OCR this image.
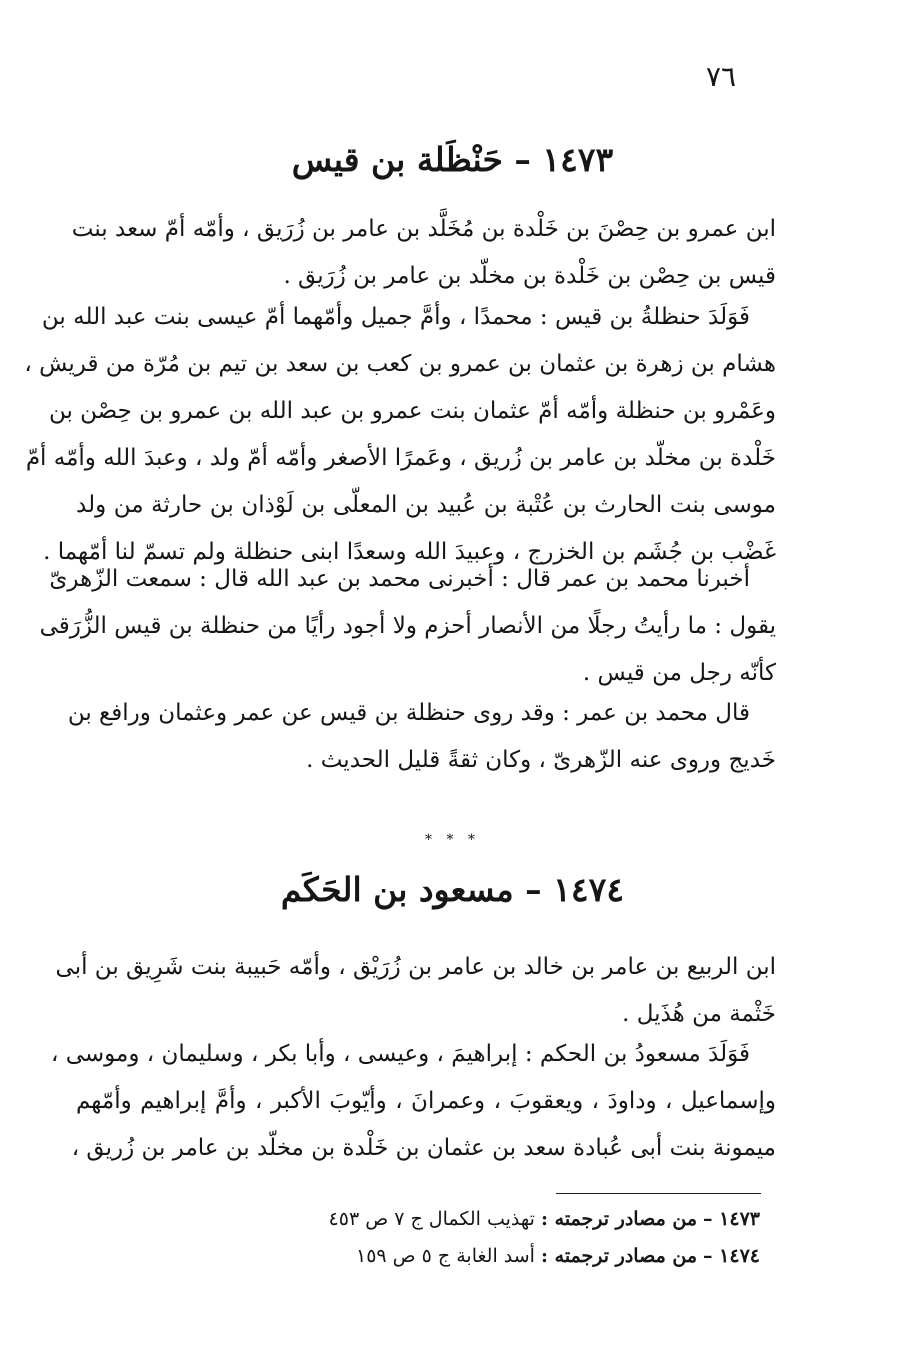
٧٦
١٤٧٣ – حَنْظَلة بن قيس
ابن عمرو بن حِصْنَ بن خَلْدة بن مُخَلَّد بن عامر بن زُرَيق ، وأمّه أمّ سعد بنت
قيس بن حِصْن بن خَلْدة بن مخلّد بن عامر بن زُرَيق .
فَوَلَدَ حنظلةُ بن قيس : محمدًا ، وأمَّ جميل وأمّهما أمّ عيسى بنت عبد الله بن
هشام بن زهرة بن عثمان بن عمرو بن كعب بن سعد بن تيم بن مُرّة من قريش ،
وعَمْرو بن حنظلة وأمّه أمّ عثمان بنت عمرو بن عبد الله بن عمرو بن حِصْن بن
خَلْدة بن مخلّد بن عامر بن زُريق ، وعَمرًا الأصغر وأمّه أمّ ولد ، وعبدَ الله وأمّه أمّ
موسى بنت الحارث بن عُتْبة بن عُبيد بن المعلّى بن لَوْذان بن حارثة من ولد
غَضْب بن جُشَم بن الخزرج ، وعبيدَ الله وسعدًا ابنى حنظلة ولم تسمّ لنا أمّهما .
أخبرنا محمد بن عمر قال : أخبرنى محمد بن عبد الله قال : سمعت الزّهرىّ
يقول : ما رأيتُ رجلًا من الأنصار أحزم ولا أجود رأيًا من حنظلة بن قيس الزُّرَقى
كأنّه رجل من قيس .
قال محمد بن عمر : وقد روى حنظلة بن قيس عن عمر وعثمان ورافع بن
خَديج وروى عنه الزّهرىّ ، وكان ثقةً قليل الحديث .
* * *
١٤٧٤ – مسعود بن الحَكَم
ابن الربيع بن عامر بن خالد بن عامر بن زُرَيْق ، وأمّه حَبيبة بنت شَرِيق بن أبى
خَثْمة من هُذَيل .
فَوَلَدَ مسعودُ بن الحكم : إبراهيمَ ، وعيسى ، وأبا بكر ، وسليمان ، وموسى ،
وإسماعيل ، وداودَ ، ويعقوبَ ، وعمرانَ ، وأيّوبَ الأكبر ، وأمَّ إبراهيم وأمّهم
ميمونة بنت أبى عُبادة سعد بن عثمان بن خَلْدة بن مخلّد بن عامر بن زُريق ،
١٤٧٣ – من مصادر ترجمته : تهذيب الكمال ج ٧ ص ٤٥٣
١٤٧٤ – من مصادر ترجمته : أسد الغابة ج ٥ ص ١٥٩
